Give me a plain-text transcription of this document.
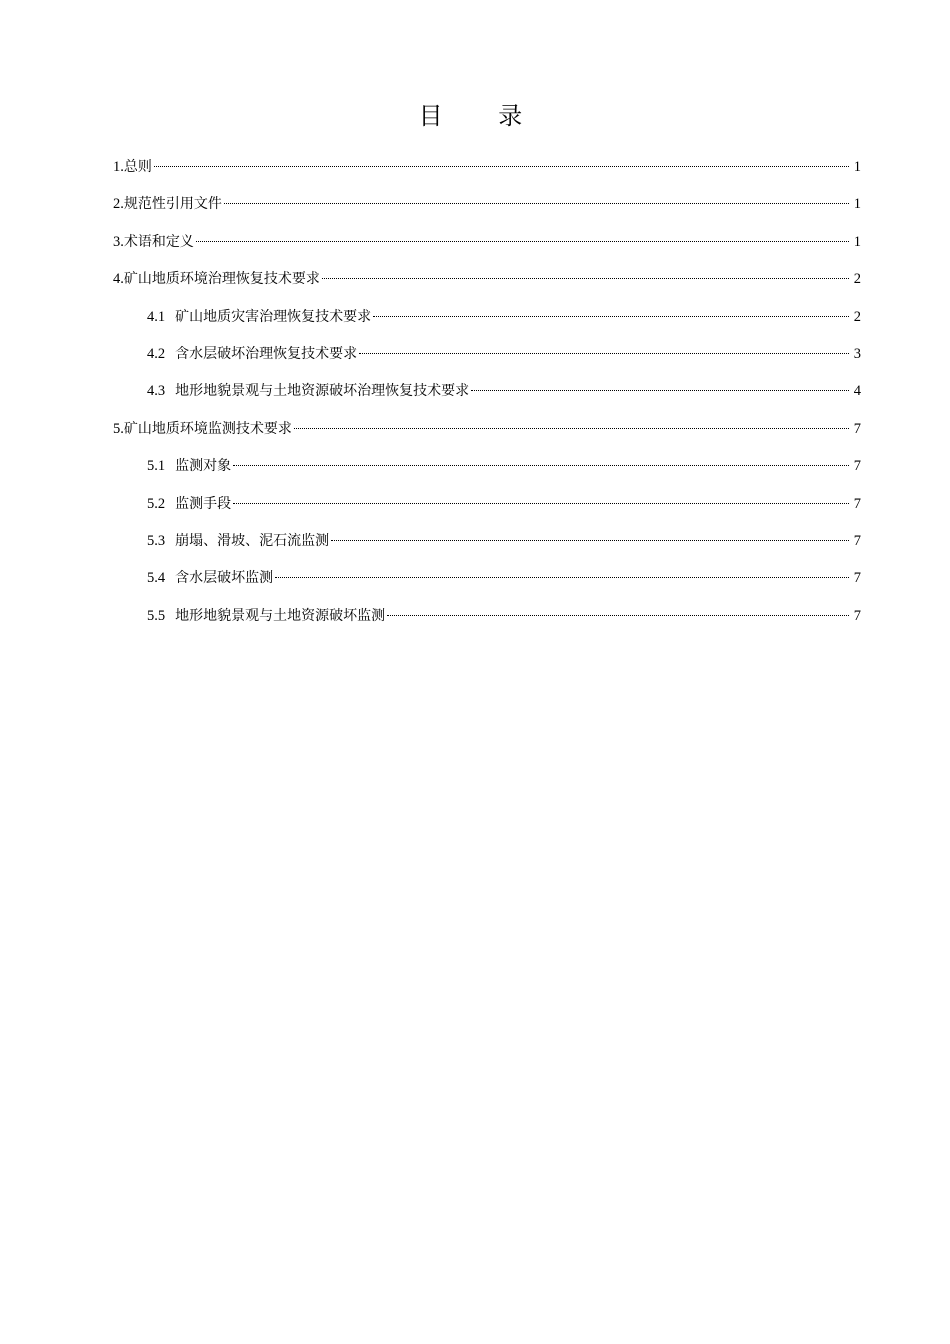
目 录
1. 总则	1
2. 规范性引用文件	1
3. 术语和定义	1
4. 矿山地质环境治理恢复技术要求	2
4.1 矿山地质灾害治理恢复技术要求	2
4.2 含水层破坏治理恢复技术要求	3
4.3 地形地貌景观与土地资源破坏治理恢复技术要求	4
5. 矿山地质环境监测技术要求	7
5.1 监测对象	7
5.2 监测手段	7
5.3 崩塌、滑坡、泥石流监测	7
5.4 含水层破坏监测	7
5.5 地形地貌景观与土地资源破坏监测	7
